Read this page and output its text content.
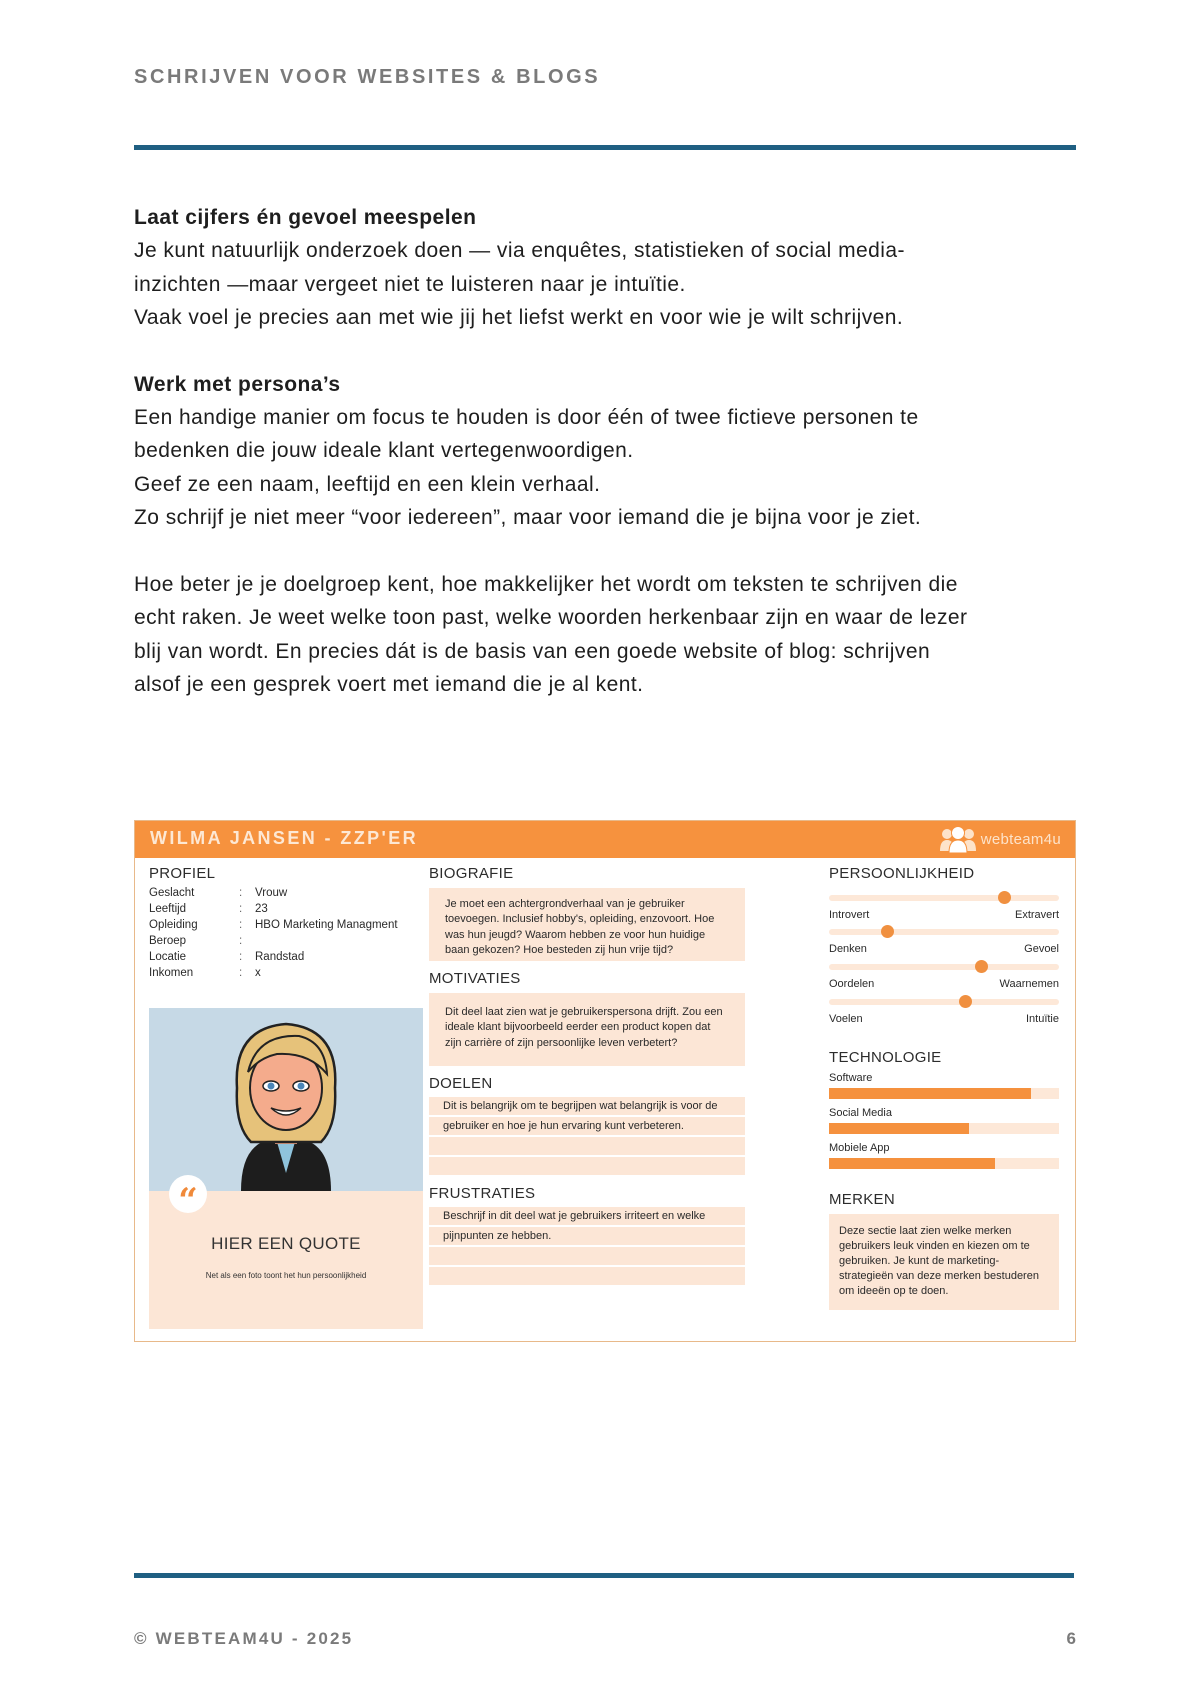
SCHRIJVEN VOOR WEBSITES & BLOGS
Laat cijfers én gevoel meespelen

Je kunt natuurlijk onderzoek doen — via enquêtes, statistieken of social media-

inzichten —maar vergeet niet te luisteren naar je intuïtie.

Vaak voel je precies aan met wie jij het liefst werkt en voor wie je wilt schrijven.

Werk met persona’s

Een handige manier om focus te houden is door één of twee fictieve personen te

bedenken die jouw ideale klant vertegenwoordigen.

Geef ze een naam, leeftijd en een klein verhaal.

Zo schrijf je niet meer “voor iedereen”, maar voor iemand die je bijna voor je ziet.

Hoe beter je je doelgroep kent, hoe makkelijker het wordt om teksten te schrijven die

echt raken. Je weet welke toon past, welke woorden herkenbaar zijn en waar de lezer

blij van wordt. En precies dát is de basis van een goede website of blog: schrijven

alsof je een gesprek voert met iemand die je al kent.

WILMA JANSEN - ZZP'ER	webteam4u
PROFIEL
Geslacht	:	Vrouw
Leeftijd	:	23
Opleiding	:	HBO Marketing Managment
Beroep	:
Locatie	:	Randstad
Inkomen	:	x
“
HIER EEN QUOTE
Net als een foto toont het hun persoonlijkheid
BIOGRAFIE
Je moet een achtergrondverhaal van je gebruiker toevoegen. Inclusief hobby's, opleiding, enzovoort. Hoe was hun jeugd? Waarom hebben ze voor hun huidige baan gekozen? Hoe besteden zij hun vrije tijd?
MOTIVATIES
Dit deel laat zien wat je gebruikerspersona drijft. Zou een ideale klant bijvoorbeeld eerder een product kopen dat zijn carrière of zijn persoonlijke leven verbetert?
DOELEN
Dit is belangrijk om te begrijpen wat belangrijk is voor de
gebruiker en hoe je hun ervaring kunt verbeteren.
FRUSTRATIES
Beschrijf in dit deel wat je gebruikers irriteert en welke
pijnpunten ze hebben.
PERSOONLIJKHEID
Introvert	Extravert
Denken	Gevoel
Oordelen	Waarnemen
Voelen	Intuïtie
TECHNOLOGIE
Software
Social Media
Mobiele App
MERKEN
Deze sectie laat zien welke merken gebruikers leuk vinden en kiezen om te gebruiken. Je kunt de marketing-strategieën van deze merken bestuderen om ideeën op te doen.
© WEBTEAM4U - 2025	6
